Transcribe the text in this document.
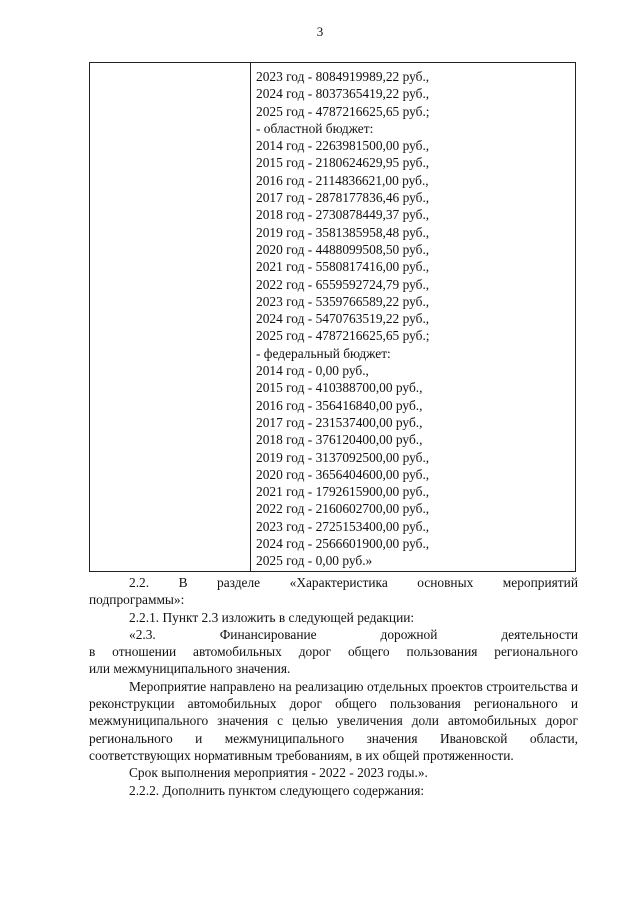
3
2023 год - 8084919989,22 руб.,
2024 год - 8037365419,22 руб.,
2025 год - 4787216625,65 руб.;
- областной бюджет:
2014 год - 2263981500,00 руб.,
2015 год - 2180624629,95 руб.,
2016 год - 2114836621,00 руб.,
2017 год - 2878177836,46 руб.,
2018 год - 2730878449,37 руб.,
2019 год - 3581385958,48 руб.,
2020 год - 4488099508,50 руб.,
2021 год - 5580817416,00 руб.,
2022 год - 6559592724,79 руб.,
2023 год - 5359766589,22 руб.,
2024 год - 5470763519,22 руб.,
2025 год - 4787216625,65 руб.;
- федеральный бюджет:
2014 год - 0,00 руб.,
2015 год - 410388700,00 руб.,
2016 год - 356416840,00 руб.,
2017 год - 231537400,00 руб.,
2018 год - 376120400,00 руб.,
2019 год - 3137092500,00 руб.,
2020 год - 3656404600,00 руб.,
2021 год - 1792615900,00 руб.,
2022 год - 2160602700,00 руб.,
2023 год - 2725153400,00 руб.,
2024 год - 2566601900,00 руб.,
2025 год - 0,00 руб.»

2.2. В разделе «Характеристика основных мероприятий

подпрограммы»:

2.2.1. Пункт 2.3 изложить в следующей редакции:

«2.3. Финансирование дорожной деятельности

в отношении автомобильных дорог общего пользования регионального

или межмуниципального значения.

Мероприятие направлено на реализацию отдельных проектов строительства и реконструкции автомобильных дорог общего пользования регионального и межмуниципального значения с целью увеличения доли автомобильных дорог регионального и межмуниципального значения Ивановской области, соответствующих нормативным требованиям, в их общей протяженности.

Срок выполнения мероприятия - 2022 - 2023 годы.».

2.2.2. Дополнить пунктом следующего содержания:
